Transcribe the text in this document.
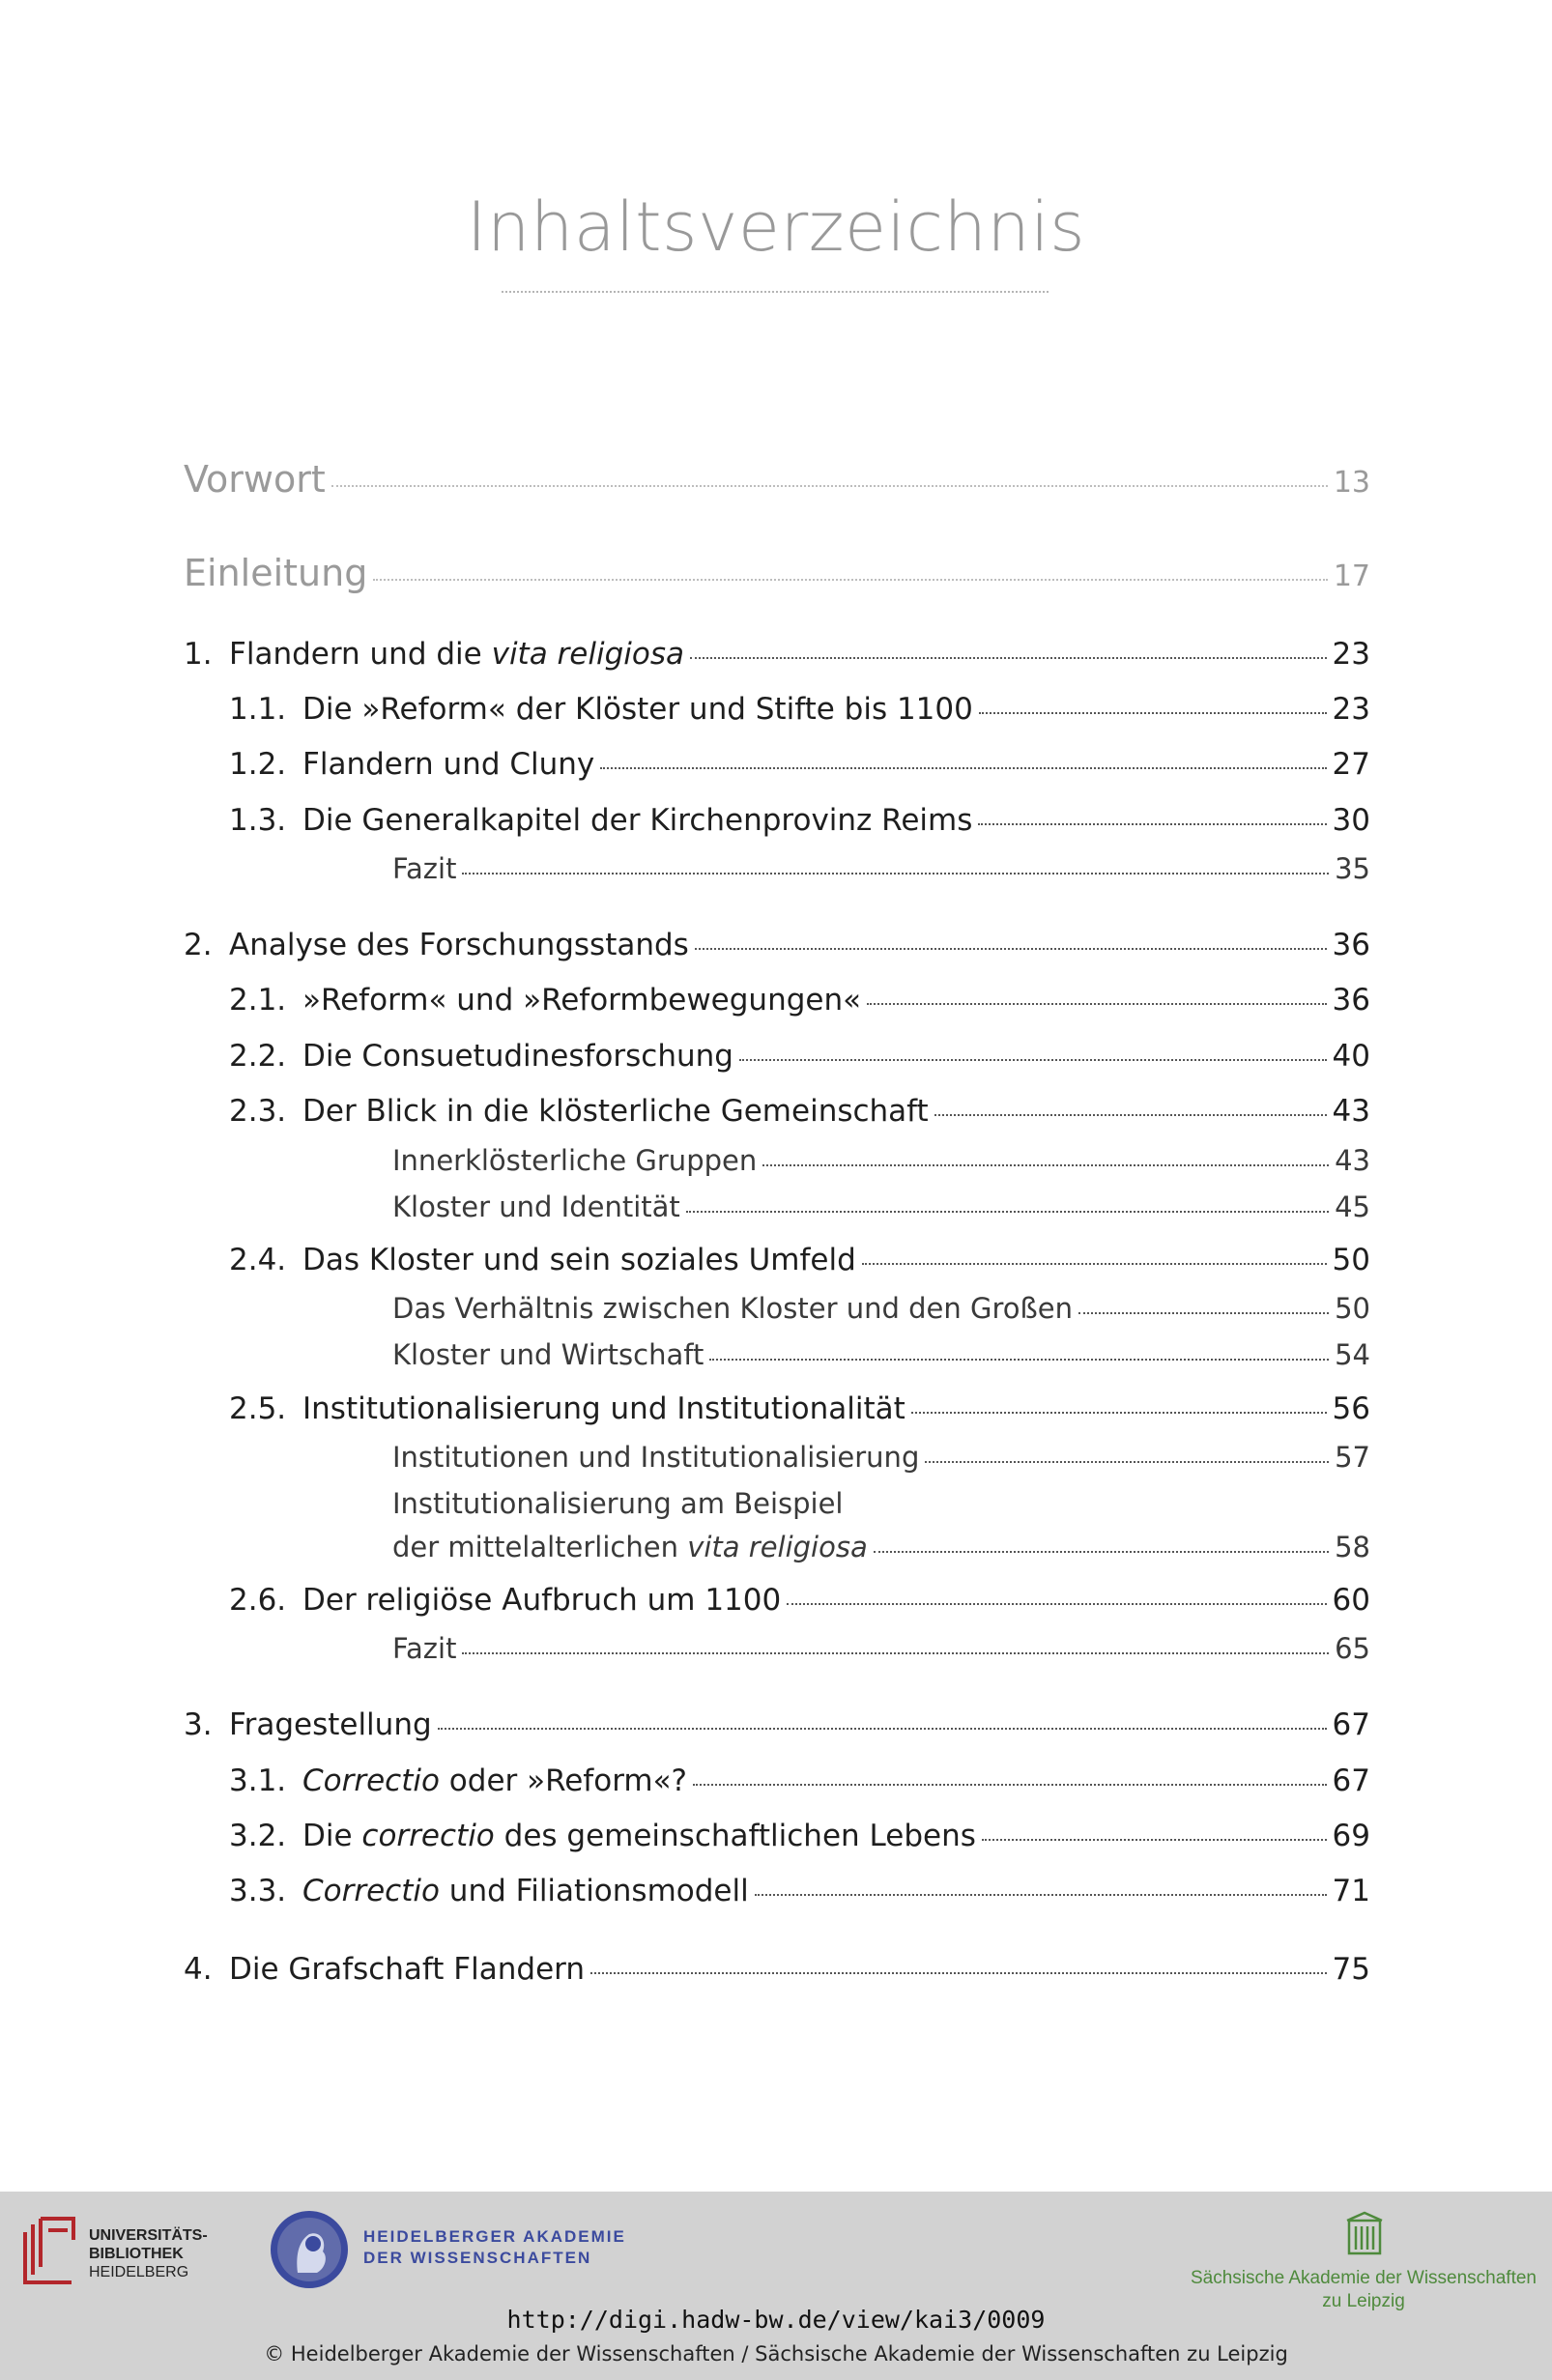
Inhaltsverzeichnis
Vorwort	13
Einleitung	17
1. Flandern und die vita religiosa	23
1.1. Die »Reform« der Klöster und Stifte bis 1100	23
1.2. Flandern und Cluny	27
1.3. Die Generalkapitel der Kirchenprovinz Reims	30
Fazit	35
2. Analyse des Forschungsstands	36
2.1. »Reform« und »Reformbewegungen«	36
2.2. Die Consuetudinesforschung	40
2.3. Der Blick in die klösterliche Gemeinschaft	43
Innerklösterliche Gruppen	43
Kloster und Identität	45
2.4. Das Kloster und sein soziales Umfeld	50
Das Verhältnis zwischen Kloster und den Großen	50
Kloster und Wirtschaft	54
2.5. Institutionalisierung und Institutionalität	56
Institutionen und Institutionalisierung	57
Institutionalisierung am Beispiel
der mittelalterlichen vita religiosa	58
2.6. Der religiöse Aufbruch um 1100	60
Fazit	65
3. Fragestellung	67
3.1. Correctio oder »Reform«?	67
3.2. Die correctio des gemeinschaftlichen Lebens	69
3.3. Correctio und Filiationsmodell	71
4. Die Grafschaft Flandern	75
UNIVERSITÄTS-
BIBLIOTHEK
HEIDELBERG
HEIDELBERGER AKADEMIE
DER WISSENSCHAFTEN
Sächsische Akademie der Wissenschaften
zu Leipzig
http://digi.hadw-bw.de/view/kai3/0009
© Heidelberger Akademie der Wissenschaften / Sächsische Akademie der Wissenschaften zu Leipzig
